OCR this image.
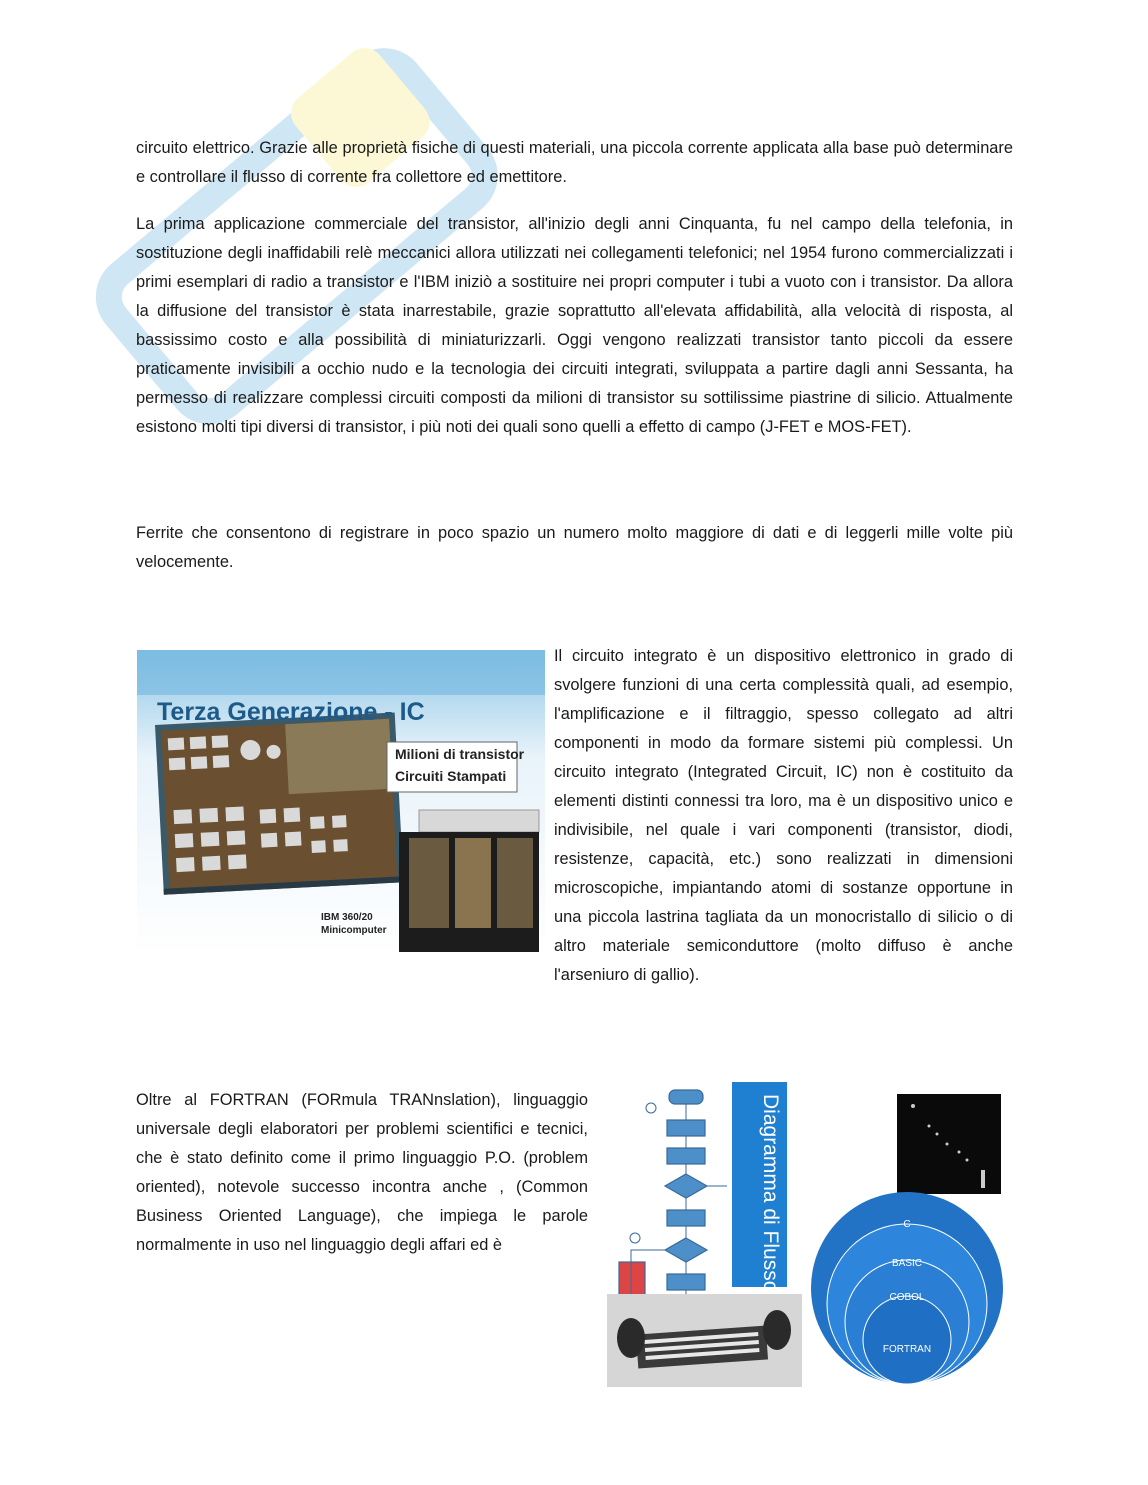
circuito elettrico. Grazie alle proprietà fisiche di questi materiali, una piccola corrente applicata alla base può determinare e controllare il flusso di corrente fra collettore ed emettitore.

La prima applicazione commerciale del transistor, all'inizio degli anni Cinquanta, fu nel campo della telefonia, in sostituzione degli inaffidabili relè meccanici allora utilizzati nei collegamenti telefonici; nel 1954 furono commercializzati i primi esemplari di radio a transistor e l'IBM iniziò a sostituire nei propri computer i tubi a vuoto con i transistor. Da allora la diffusione del transistor è stata inarrestabile, grazie soprattutto all'elevata affidabilità, alla velocità di risposta, al bassissimo costo e alla possibilità di miniaturizzarli. Oggi vengono realizzati transistor tanto piccoli da essere praticamente invisibili a occhio nudo e la tecnologia dei circuiti integrati, sviluppata a partire dagli anni Sessanta, ha permesso di realizzare complessi circuiti composti da milioni di transistor su sottilissime piastrine di silicio. Attualmente esistono molti tipi diversi di transistor, i più noti dei quali sono quelli a effetto di campo (J-FET e MOS-FET).

Ferrite che consentono di registrare in poco spazio un numero molto maggiore di dati e di leggerli mille volte più velocemente.

Il circuito integrato è un dispositivo elettronico in grado di svolgere funzioni di una certa complessità quali, ad esempio, l'amplificazione e il filtraggio, spesso collegato ad altri componenti in modo da formare sistemi più complessi. Un circuito integrato (Integrated Circuit, IC) non è costituito da elementi distinti connessi tra loro, ma è un dispositivo unico e indivisibile, nel quale i vari componenti (transistor, diodi, resistenze, capacità, etc.) sono realizzati in dimensioni microscopiche, impiantando atomi di sostanze opportune in una piccola lastrina tagliata da un monocristallo di silicio o di altro materiale semiconduttore (molto diffuso è anche l'arseniuro di gallio).
Terza Generazione - IC
Milioni di transistor
Circuiti Stampati
IBM 360/20
Minicomputer

Oltre al FORTRAN (FORmula TRANnslation), linguaggio universale degli elaboratori per problemi scientifici e tecnici, che è stato definito come il primo linguaggio P.O. (problem oriented), notevole successo incontra anche , (Common Business Oriented Language), che impiega le parole normalmente in uso nel linguaggio degli affari ed è	Diagramma di Flusso	C
BASIC
COBOL
FORTRAN
